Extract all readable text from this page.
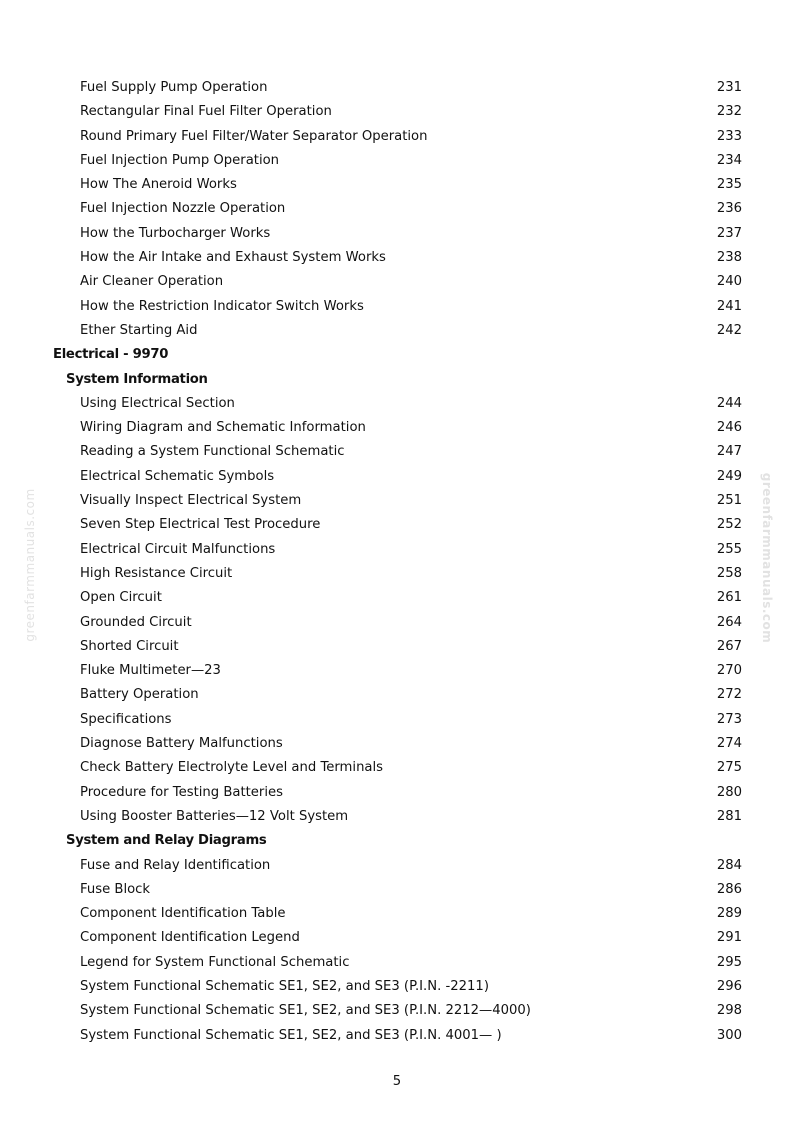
Fuel Supply Pump Operation	231
Rectangular Final Fuel Filter Operation	232
Round Primary Fuel Filter/Water Separator Operation	233
Fuel Injection Pump Operation	234
How The Aneroid Works	235
Fuel Injection Nozzle Operation	236
How the Turbocharger Works	237
How the Air Intake and Exhaust System Works	238
Air Cleaner Operation	240
How the Restriction Indicator Switch Works	241
Ether Starting Aid	242
Electrical - 9970
System Information
Using Electrical Section	244
Wiring Diagram and Schematic Information	246
Reading a System Functional Schematic	247
Electrical Schematic Symbols	249
Visually Inspect Electrical System	251
Seven Step Electrical Test Procedure	252
Electrical Circuit Malfunctions	255
High Resistance Circuit	258
Open Circuit	261
Grounded Circuit	264
Shorted Circuit	267
Fluke Multimeter—23	270
Battery Operation	272
Specifications	273
Diagnose Battery Malfunctions	274
Check Battery Electrolyte Level and Terminals	275
Procedure for Testing Batteries	280
Using Booster Batteries—12 Volt System	281
System and Relay Diagrams
Fuse and Relay Identification	284
Fuse Block	286
Component Identification Table	289
Component Identification Legend	291
Legend for System Functional Schematic	295
System Functional Schematic SE1, SE2, and SE3 (P.I.N. -2211)	296
System Functional Schematic SE1, SE2, and SE3 (P.I.N. 2212—4000)	298
System Functional Schematic SE1, SE2, and SE3 (P.I.N. 4001— )	300
greenfarmmanuals.com	greenfarmmanuals.com
5
